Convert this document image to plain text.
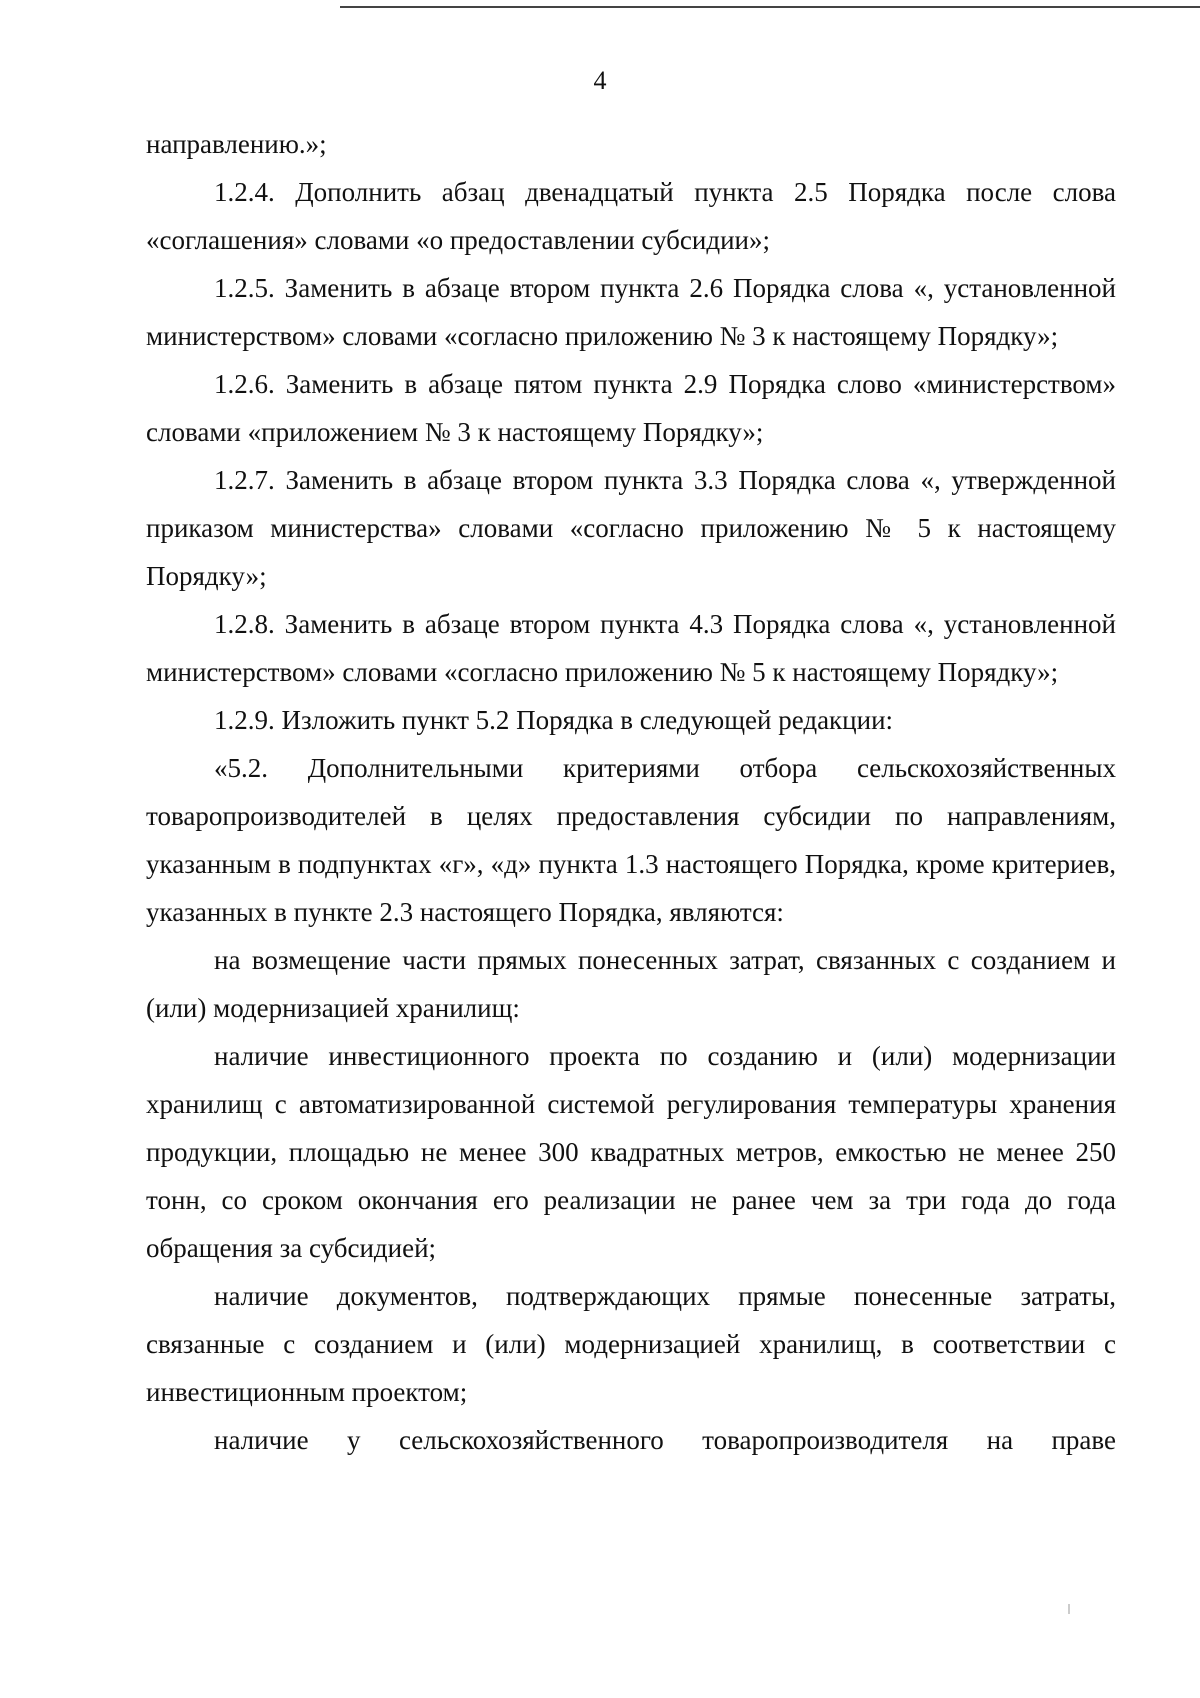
4

направлению.»;

1.2.4. Дополнить абзац двенадцатый пункта 2.5 Порядка после слова «соглашения» словами «о предоставлении субсидии»;

1.2.5. Заменить в абзаце втором пункта 2.6 Порядка слова «, установленной министерством» словами «согласно приложению № 3 к настоящему Порядку»;

1.2.6. Заменить в абзаце пятом пункта 2.9 Порядка слово «министерством» словами «приложением № 3 к настоящему Порядку»;

1.2.7. Заменить в абзаце втором пункта 3.3 Порядка слова «, утвержденной приказом министерства» словами «согласно приложению № 5 к настоящему Порядку»;

1.2.8. Заменить в абзаце втором пункта 4.3 Порядка слова «, установленной министерством» словами «согласно приложению № 5 к настоящему Порядку»;

1.2.9. Изложить пункт 5.2 Порядка в следующей редакции:

«5.2. Дополнительными критериями отбора сельскохозяйственных товаропроизводителей в целях предоставления субсидии по направлениям, указанным в подпунктах «г», «д» пункта 1.3 настоящего Порядка, кроме критериев, указанных в пункте 2.3 настоящего Порядка, являются:

на возмещение части прямых понесенных затрат, связанных с созданием и (или) модернизацией хранилищ:

наличие инвестиционного проекта по созданию и (или) модернизации хранилищ с автоматизированной системой регулирования температуры хранения продукции, площадью не менее 300 квадратных метров, емкостью не менее 250 тонн, со сроком окончания его реализации не ранее чем за три года до года обращения за субсидией;

наличие документов, подтверждающих прямые понесенные затраты, связанные с созданием и (или) модернизацией хранилищ, в соответствии с инвестиционным проектом;

наличие у сельскохозяйственного товаропроизводителя на праве
